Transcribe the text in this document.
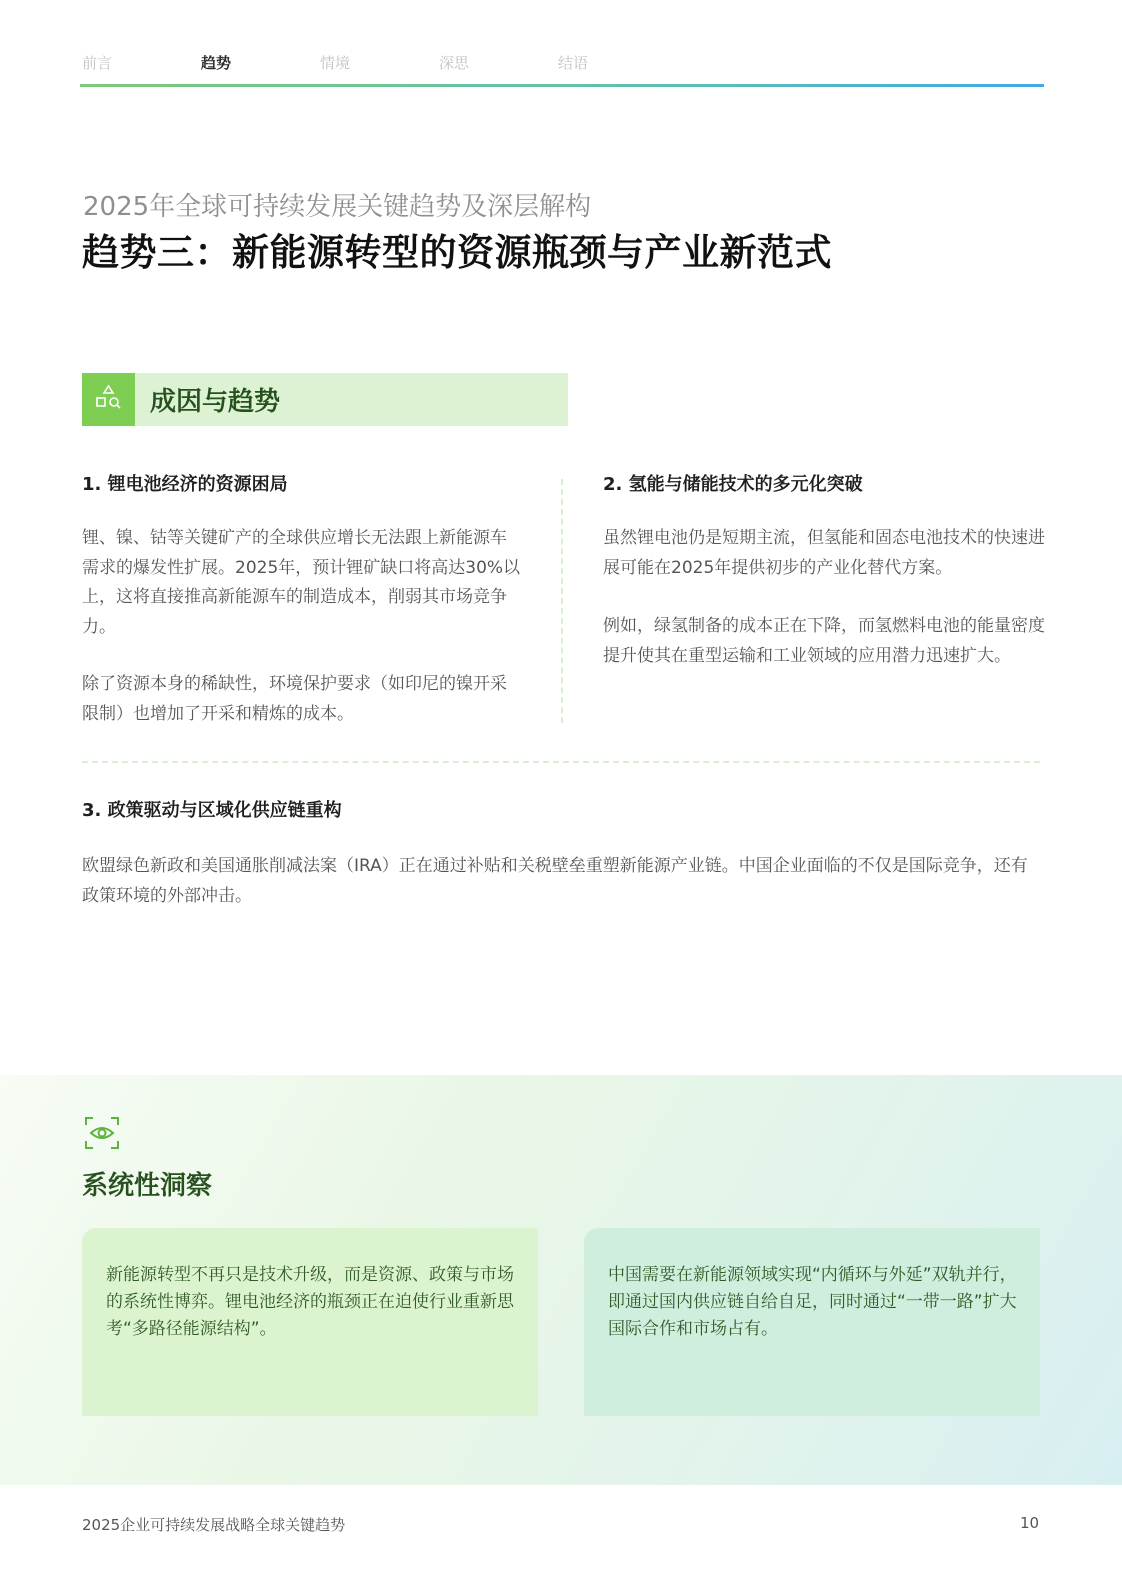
前言	趋势	情境	深思	结语
2025年全球可持续发展关键趋势及深层解构
趋势三：新能源转型的资源瓶颈与产业新范式
成因与趋势
1. 锂电池经济的资源困局

锂、镍、钴等关键矿产的全球供应增长无法跟上新能源车需求的爆发性扩展。2025年，预计锂矿缺口将高达30%以上，这将直接推高新能源车的制造成本，削弱其市场竞争力。

除了资源本身的稀缺性，环境保护要求（如印尼的镍开采限制）也增加了开采和精炼的成本。

2. 氢能与储能技术的多元化突破

虽然锂电池仍是短期主流，但氢能和固态电池技术的快速进展可能在2025年提供初步的产业化替代方案。

例如，绿氢制备的成本正在下降，而氢燃料电池的能量密度提升使其在重型运输和工业领域的应用潜力迅速扩大。

3. 政策驱动与区域化供应链重构

欧盟绿色新政和美国通胀削减法案（IRA）正在通过补贴和关税壁垒重塑新能源产业链。中国企业面临的不仅是国际竞争，还有政策环境的外部冲击。

系统性洞察

新能源转型不再只是技术升级，而是资源、政策与市场的系统性博弈。锂电池经济的瓶颈正在迫使行业重新思考“多路径能源结构”。

中国需要在新能源领域实现“内循环与外延”双轨并行，即通过国内供应链自给自足，同时通过“一带一路”扩大国际合作和市场占有。

2025企业可持续发展战略全球关键趋势	10
